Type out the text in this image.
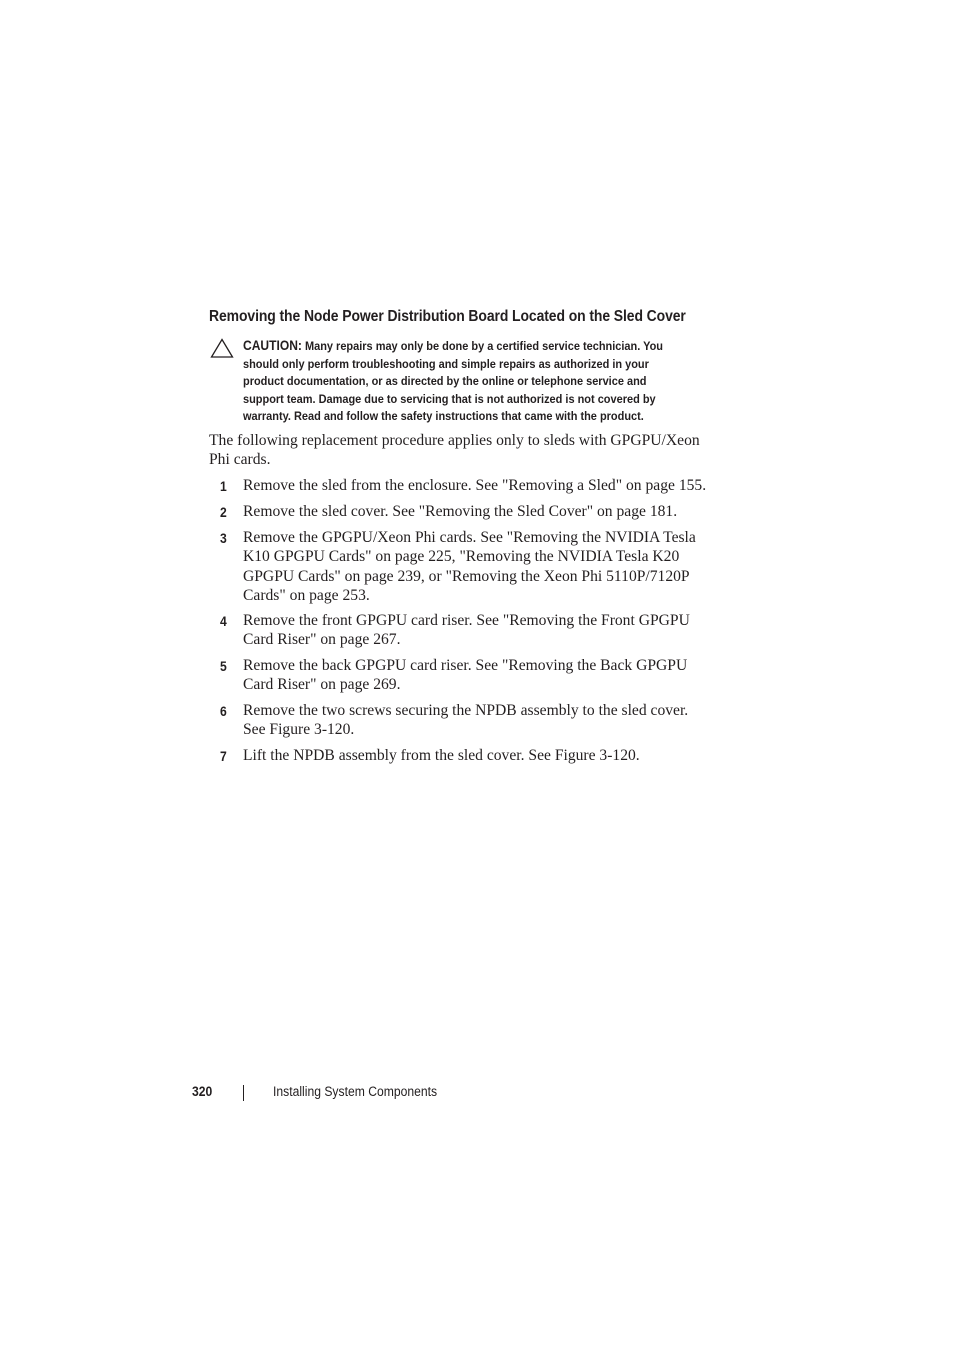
Removing the Node Power Distribution Board Located on the Sled Cover
CAUTION: Many repairs may only be done by a certified service technician. You
should only perform troubleshooting and simple repairs as authorized in your
product documentation, or as directed by the online or telephone service and
support team. Damage due to servicing that is not authorized is not covered by
warranty. Read and follow the safety instructions that came with the product.
The following replacement procedure applies only to sleds with GPGPU/Xeon
Phi cards.
1 Remove the sled from the enclosure. See "Removing a Sled" on page 155.
2 Remove the sled cover. See "Removing the Sled Cover" on page 181.
3 Remove the GPGPU/Xeon Phi cards. See "Removing the NVIDIA Tesla
K10 GPGPU Cards" on page 225, "Removing the NVIDIA Tesla K20
GPGPU Cards" on page 239, or "Removing the Xeon Phi 5110P/7120P
Cards" on page 253.
4 Remove the front GPGPU card riser. See "Removing the Front GPGPU
Card Riser" on page 267.
5 Remove the back GPGPU card riser. See "Removing the Back GPGPU
Card Riser" on page 269.
6 Remove the two screws securing the NPDB assembly to the sled cover.
See Figure 3-120.
7 Lift the NPDB assembly from the sled cover. See Figure 3-120.
320	Installing System Components
